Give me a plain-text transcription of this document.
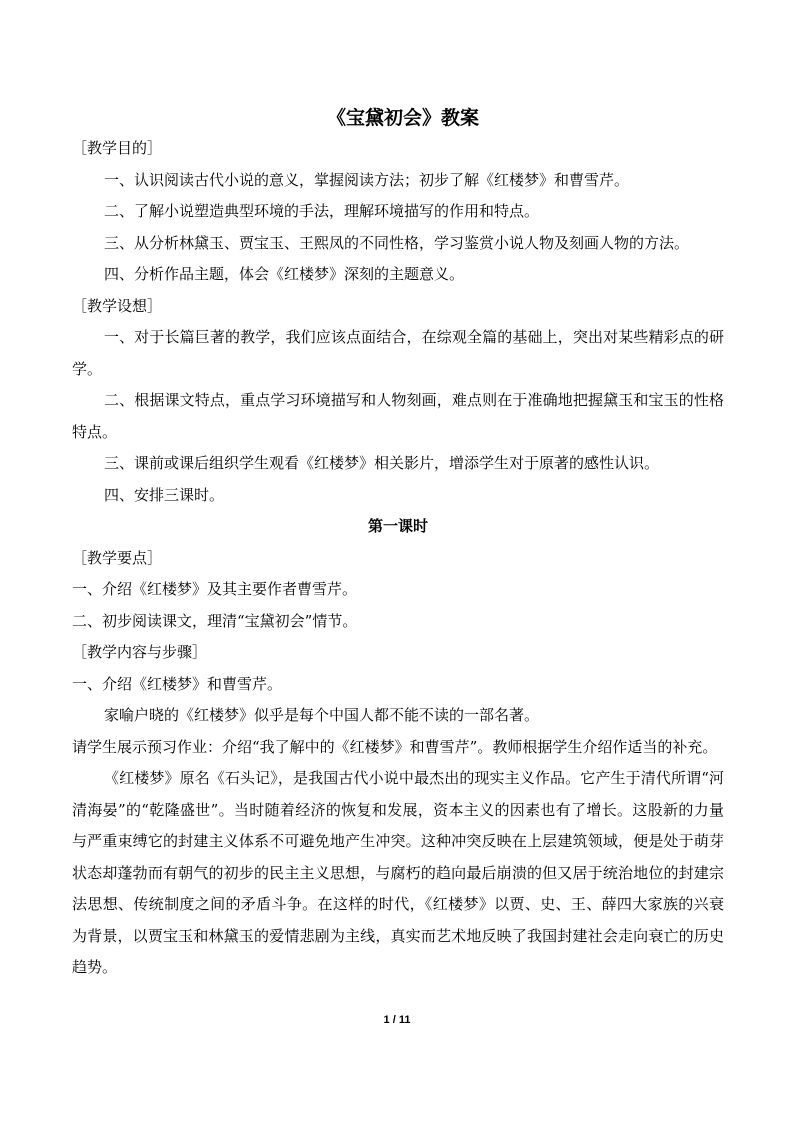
《宝黛初会》教案

［教学目的］

一、认识阅读古代小说的意义，掌握阅读方法；初步了解《红楼梦》和曹雪芹。

二、了解小说塑造典型环境的手法，理解环境描写的作用和特点。

三、从分析林黛玉、贾宝玉、王熙凤的不同性格，学习鉴赏小说人物及刻画人物的方法。

四、分析作品主题，体会《红楼梦》深刻的主题意义。

［教学设想］

一、对于长篇巨著的教学，我们应该点面结合，在综观全篇的基础上，突出对某些精彩点的研学。

二、根据课文特点，重点学习环境描写和人物刻画，难点则在于准确地把握黛玉和宝玉的性格特点。

三、课前或课后组织学生观看《红楼梦》相关影片，增添学生对于原著的感性认识。

四、安排三课时。

第一课时

［教学要点］

一、介绍《红楼梦》及其主要作者曹雪芹。

二、初步阅读课文，理清“宝黛初会”情节。

［教学内容与步骤］

一、介绍《红楼梦》和曹雪芹。

家喻户晓的《红楼梦》似乎是每个中国人都不能不读的一部名著。

请学生展示预习作业：介绍“我了解中的《红楼梦》和曹雪芹”。教师根据学生介绍作适当的补充。

《红楼梦》原名《石头记》，是我国古代小说中最杰出的现实主义作品。它产生于清代所谓“河清海晏”的“乾隆盛世”。当时随着经济的恢复和发展，资本主义的因素也有了增长。这股新的力量与严重束缚它的封建主义体系不可避免地产生冲突。这种冲突反映在上层建筑领域，便是处于萌芽状态却蓬勃而有朝气的初步的民主主义思想，与腐朽的趋向最后崩溃的但又居于统治地位的封建宗法思想、传统制度之间的矛盾斗争。在这样的时代，《红楼梦》以贾、史、王、薛四大家族的兴衰为背景，以贾宝玉和林黛玉的爱情悲剧为主线，真实而艺术地反映了我国封建社会走向衰亡的历史趋势。

1 / 11
